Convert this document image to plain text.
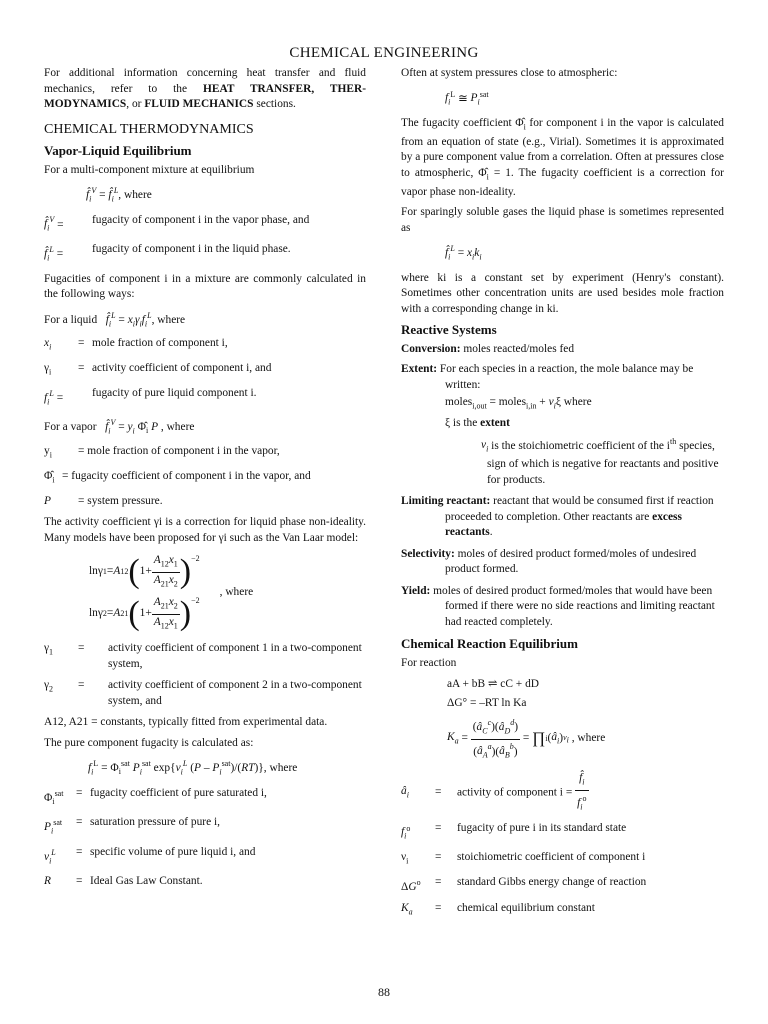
CHEMICAL ENGINEERING

For additional information concerning heat transfer and fluid mechanics, refer to the HEAT TRANSFER, THER-MODYNAMICS, or FLUID MECHANICS sections.

CHEMICAL THERMODYNAMICS
Vapor-Liquid Equilibrium

For a multi-component mixture at equilibrium

$f̂_i^V$ = $f̂_i^L$, where
$f̂_i^V$ =	fugacity of component i in the vapor phase, and
$f̂_i^L$ =	fugacity of component i in the liquid phase.

Fugacities of component i in a mixture are commonly calculated in the following ways:

For a liquid $f̂_i^L = x_i\gamma_if_i^L$, where

$x_i$	= mole fraction of component i,
$\gamma_i$	= activity coefficient of component i, and
$f_i^L$ =	fugacity of pure liquid component i.

For a vapor $f̂_i^V = y_i$ $\Phî_i$ P , where

$y_i$	= mole fraction of component i in the vapor,
$\Phî_i$ = fugacity coefficient of component i in the vapor, and
P	= system pressure.

The activity coefficient γi is a correction for liquid phase non-ideality. Many models have been proposed for γi such as the Van Laar model:

lnγ 1 = A 12 ( $1+ \frac{A_{12}x_1}{A_{21}x_2}$ ) −2
lnγ 2 = A 21 ( $1+ \frac{A_{21}x_2}{A_{12}x_1}$ ) −2
, where
$\gamma_1$	=	activity coefficient of component 1 in a two-component system,
$\gamma_2$	=	activity coefficient of component 2 in a two-component system, and

A12, A21 = constants, typically fitted from experimental data.

The pure component fugacity is calculated as:

$f_i^L = \Phi_i^{sat}$ $P_i^{sat}$ $\exp\{v_i^L$ $(P - P_i^{sat})/(RT)$}, where
$\Phi_i^{sat}$	= fugacity coefficient of pure saturated i,
$P_i^{sat}$	= saturation pressure of pure i,
$v_i^L$	= specific volume of pure liquid i, and
R	= Ideal Gas Law Constant.

Often at system pressures close to atmospheric:

$f_i^L$ ≅ $P_i^{sat}$

The fugacity coefficient $\Phî_i$ for component i in the vapor is calculated from an equation of state (e.g., Virial). Sometimes it is approximated by a pure component value from a correlation. Often at pressures close to atmospheric, $\Phî_i = 1$. The fugacity coefficient is a correction for vapor phase non-ideality.

For sparingly soluble gases the liquid phase is sometimes represented as

$f̂_i^L = x_ik_i$

where ki is a constant set by experiment (Henry's constant). Sometimes other concentration units are used besides mole fraction with a corresponding change in ki.

Reactive Systems

Conversion: moles reacted/moles fed

Extent: For each species in a reaction, the mole balance may be written:

moles$_{i,out}$ = moles$_{i,in}$ + $v_i\xi$ where
ξ is the extent

$v_i$ is the stoichiometric coefficient of the $i^{th}$ species, sign of which is negative for reactants and positive for products.

Limiting reactant: reactant that would be consumed first if reaction proceeded to completion. Other reactants are excess reactants.

Selectivity: moles of desired product formed/moles of undesired product formed.

Yield: moles of desired product formed/moles that would have been formed if there were no side reactions and limiting reactant had reacted completely.

Chemical Reaction Equilibrium

For reaction

aA + bB ⇌ cC + dD
ΔG° = –RT ln Ka
$K_a = \frac{(â_C^c)(â_D^d)}{(â_A^a)(â_B^b)}$ = ∏ i ( $â_i$ ) vi
, where
$â_i$	=	activity of component $i = \frac{f̂_i}{f_i^o}$
$f_i^o$	=	fugacity of pure i in its standard state
$\nu_i$	=	stoichiometric coefficient of component i
$\Delta G^o$	=	standard Gibbs energy change of reaction
$K_a$	=	chemical equilibrium constant
88
